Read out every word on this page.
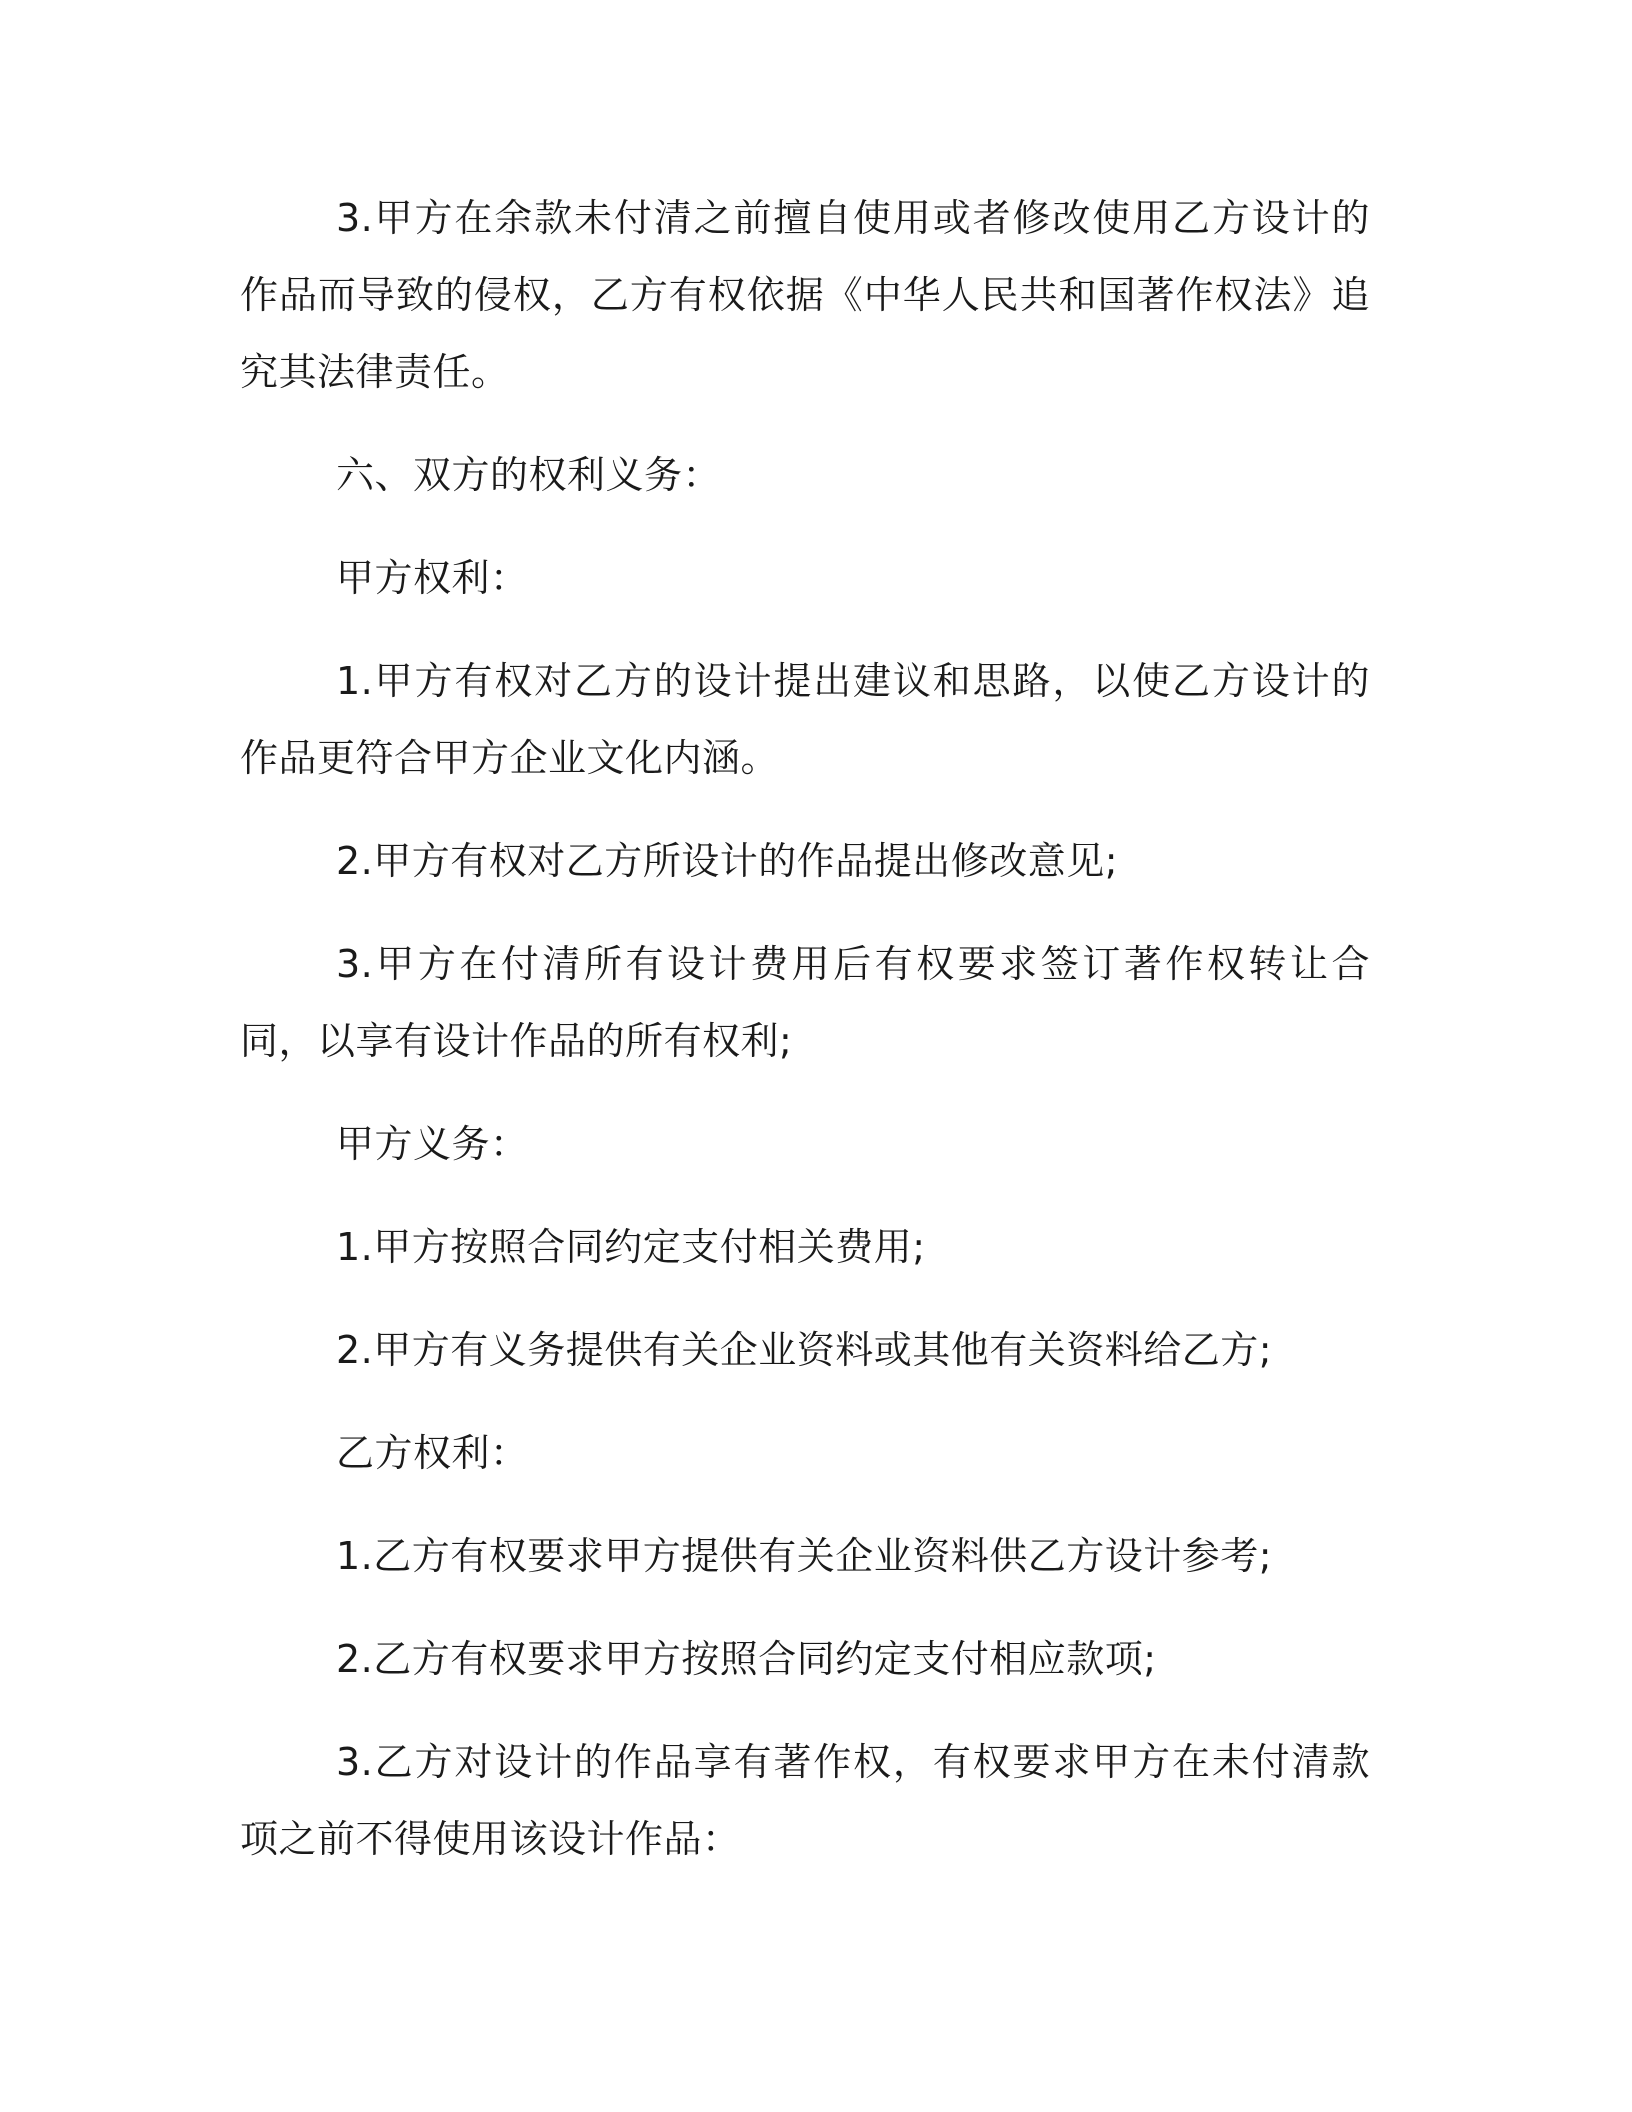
3.甲方在余款未付清之前擅自使用或者修改使用乙方设计的作品而导致的侵权，乙方有权依据《中华人民共和国著作权法》追究其法律责任。

六、双方的权利义务：

甲方权利：

1.甲方有权对乙方的设计提出建议和思路，以使乙方设计的作品更符合甲方企业文化内涵。

2.甲方有权对乙方所设计的作品提出修改意见;

3.甲方在付清所有设计费用后有权要求签订著作权转让合同，以享有设计作品的所有权利;

甲方义务：

1.甲方按照合同约定支付相关费用;

2.甲方有义务提供有关企业资料或其他有关资料给乙方;

乙方权利：

1.乙方有权要求甲方提供有关企业资料供乙方设计参考;

2.乙方有权要求甲方按照合同约定支付相应款项;

3.乙方对设计的作品享有著作权，有权要求甲方在未付清款项之前不得使用该设计作品：
